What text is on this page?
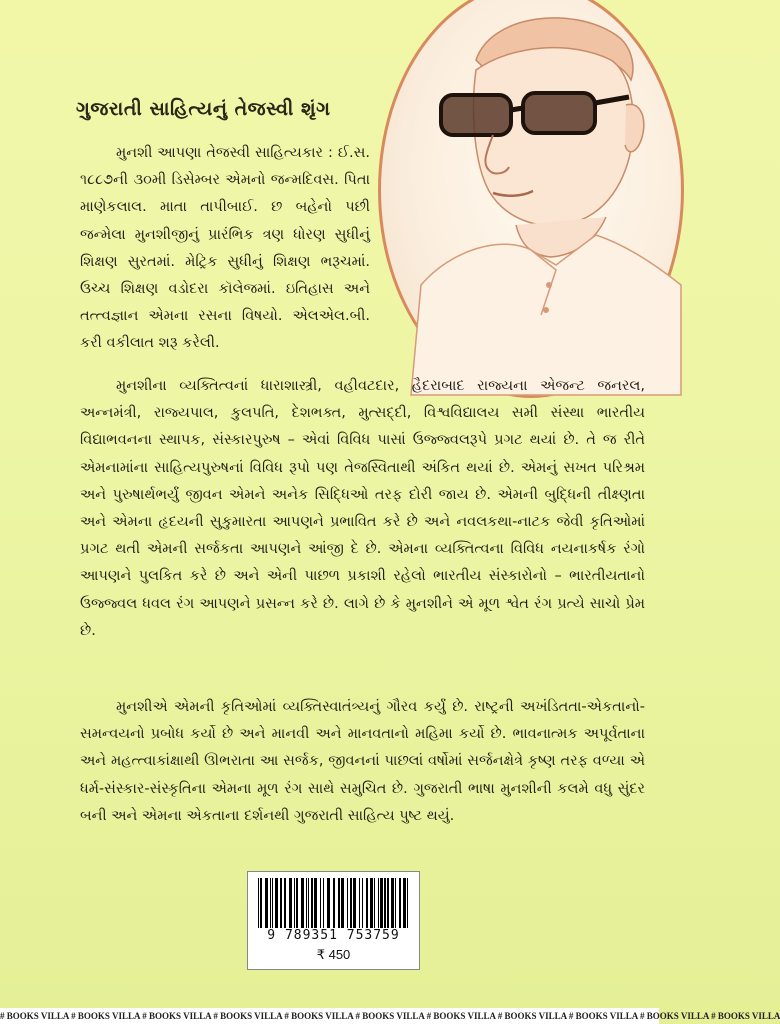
ગુજરાતી સાહિત્યનું તેજસ્વી શૃંગ

મુનશી આપણા તેજસ્વી સાહિત્યકાર : ઈ.સ. ૧૮૮૭ની ૩૦મી ડિસેમ્બર એમનો જન્મદિવસ. પિતા માણેકલાલ. માતા તાપીબાઈ. છ બહેનો પછી જન્મેલા મુનશીજીનું પ્રારંભિક ત્રણ ધોરણ સુધીનું શિક્ષણ સુરતમાં. મેટ્રિક સુધીનું શિક્ષણ ભરૂચમાં. ઉચ્ચ શિક્ષણ વડોદરા કૉલેજમાં. ઇતિહાસ અને તત્ત્વજ્ઞાન એમના રસના વિષયો. એલએલ.બી. કરી વકીલાત શરૂ કરેલી.

મુનશીના વ્યક્તિત્વનાં ધારાશાસ્ત્રી, વહીવટદાર, હૈદરાબાદ રાજ્યના એજન્ટ જનરલ, અન્નમંત્રી, રાજ્યપાલ, કુલપતિ, દેશભક્ત, મુત્સદ્દી, વિશ્વવિદ્યાલય સમી સંસ્થા ભારતીય વિદ્યાભવનના સ્થાપક, સંસ્કારપુરુષ – એવાં વિવિધ પાસાં ઉજ્જ્વલરૂપે પ્રગટ થયાં છે. તે જ રીતે એમનામાંના સાહિત્યપુરુષનાં વિવિધ રૂપો પણ તેજસ્વિતાથી અંકિત થયાં છે. એમનું સખત પરિશ્રમ અને પુરુષાર્થભર્યું જીવન એમને અનેક સિદ્ધિઓ તરફ દોરી જાય છે. એમની બુદ્ધિની તીક્ષ્ણતા અને એમના હૃદયની સુકુમારતા આપણને પ્રભાવિત કરે છે અને નવલકથા-નાટક જેવી કૃતિઓમાં પ્રગટ થતી એમની સર્જકતા આપણને આંજી દે છે. એમના વ્યક્તિત્વના વિવિધ નયનાકર્ષક રંગો આપણને પુલકિત કરે છે અને એની પાછળ પ્રકાશી રહેલો ભારતીય સંસ્કારોનો – ભારતીયતાનો ઉજ્જ્વલ ધવલ રંગ આપણને પ્રસન્ન કરે છે. લાગે છે કે મુનશીને એ મૂળ શ્વેત રંગ પ્રત્યે સાચો પ્રેમ છે.

મુનશીએ એમની કૃતિઓમાં વ્યક્તિસ્વાતંત્ર્યનું ગૌરવ કર્યું છે. રાષ્ટ્રની અખંડિતતા-એકતાનો-સમન્વયનો પ્રબોધ કર્યો છે અને માનવી અને માનવતાનો મહિમા કર્યો છે. ભાવનાત્મક અપૂર્વતાના અને મહત્ત્વાકાંક્ષાથી ઊભરાતા આ સર્જક, જીવનનાં પાછલાં વર્ષોમાં સર્જનક્ષેત્રે કૃષ્ણ તરફ વળ્યા એ ધર્મ-સંસ્કાર-સંસ્કૃતિના એમના મૂળ રંગ સાથે સમુચિત છે. ગુજરાતી ભાષા મુનશીની કલમે વધુ સુંદર બની અને એમના એકતાના દર્શનથી ગુજરાતી સાહિત્ય પુષ્ટ થયું.

9 789351 753759
₹ 450
# BOOKS VILLA # BOOKS VILLA # BOOKS VILLA # BOOKS VILLA # BOOKS VILLA # BOOKS VILLA # BOOKS VILLA # BOOKS VILLA # BOOKS VILLA # BOOKS VILLA # BOOKS VILLA
